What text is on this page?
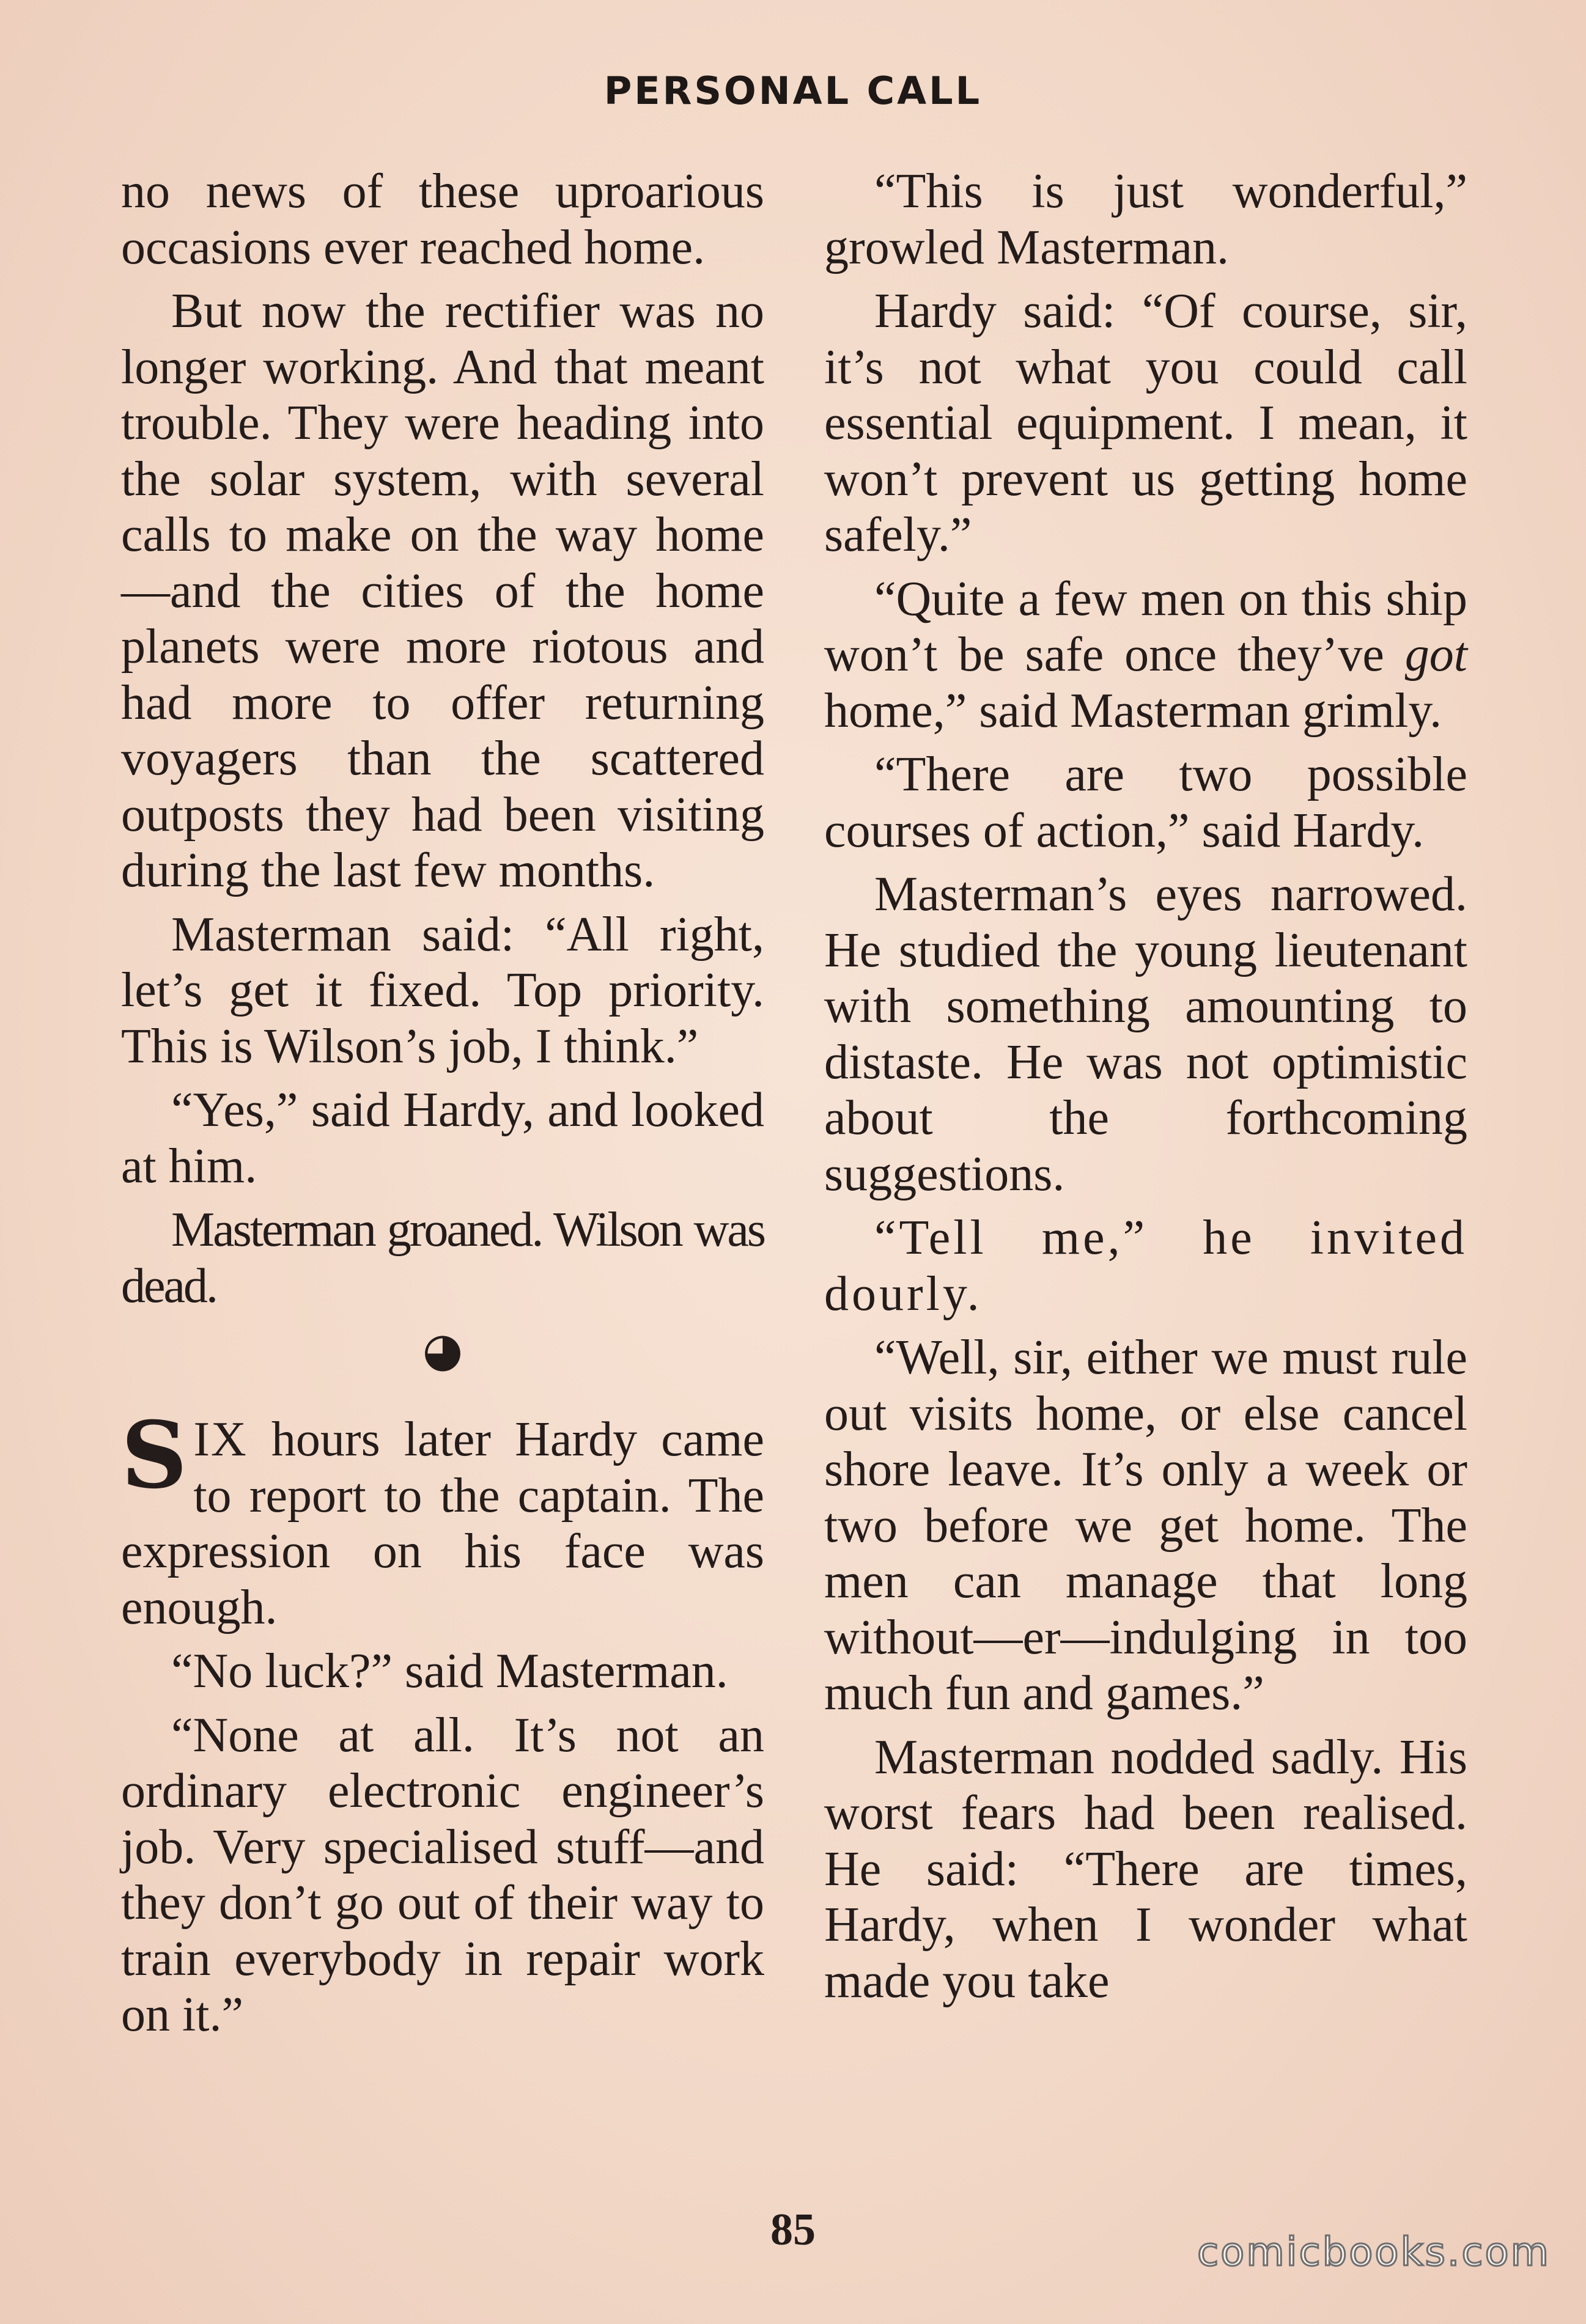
PERSONAL CALL

no news of these uproarious occasions ever reached home.

But now the rectifier was no longer working. And that meant trouble. They were heading into the solar system, with several calls to make on the way home—and the cities of the home planets were more riotous and had more to offer returning voyagers than the scattered outposts they had been visiting during the last few months.

Masterman said: “All right, let’s get it fixed. Top priority. This is Wilson’s job, I think.”

“Yes,” said Hardy, and looked at him.

Masterman groaned. Wilson was dead.

◕

SIX hours later Hardy came to report to the captain. The expression on his face was enough.

“No luck?” said Masterman.

“None at all. It’s not an ordinary electronic engineer’s job. Very specialised stuff—and they don’t go out of their way to train everybody in repair work on it.”

“This is just wonderful,” growled Masterman.

Hardy said: “Of course, sir, it’s not what you could call essential equipment. I mean, it won’t prevent us getting home safely.”

“Quite a few men on this ship won’t be safe once they’ve got home,” said Masterman grimly.

“There are two possible courses of action,” said Hardy.

Masterman’s eyes narrowed. He studied the young lieutenant with something amounting to distaste. He was not optimistic about the forthcoming suggestions.

“Tell me,” he invited dourly.

“Well, sir, either we must rule out visits home, or else cancel shore leave. It’s only a week or two before we get home. The men can manage that long without—er—indulging in too much fun and games.”

Masterman nodded sadly. His worst fears had been realised. He said: “There are times, Hardy, when I wonder what made you take

85	comicbooks.com
